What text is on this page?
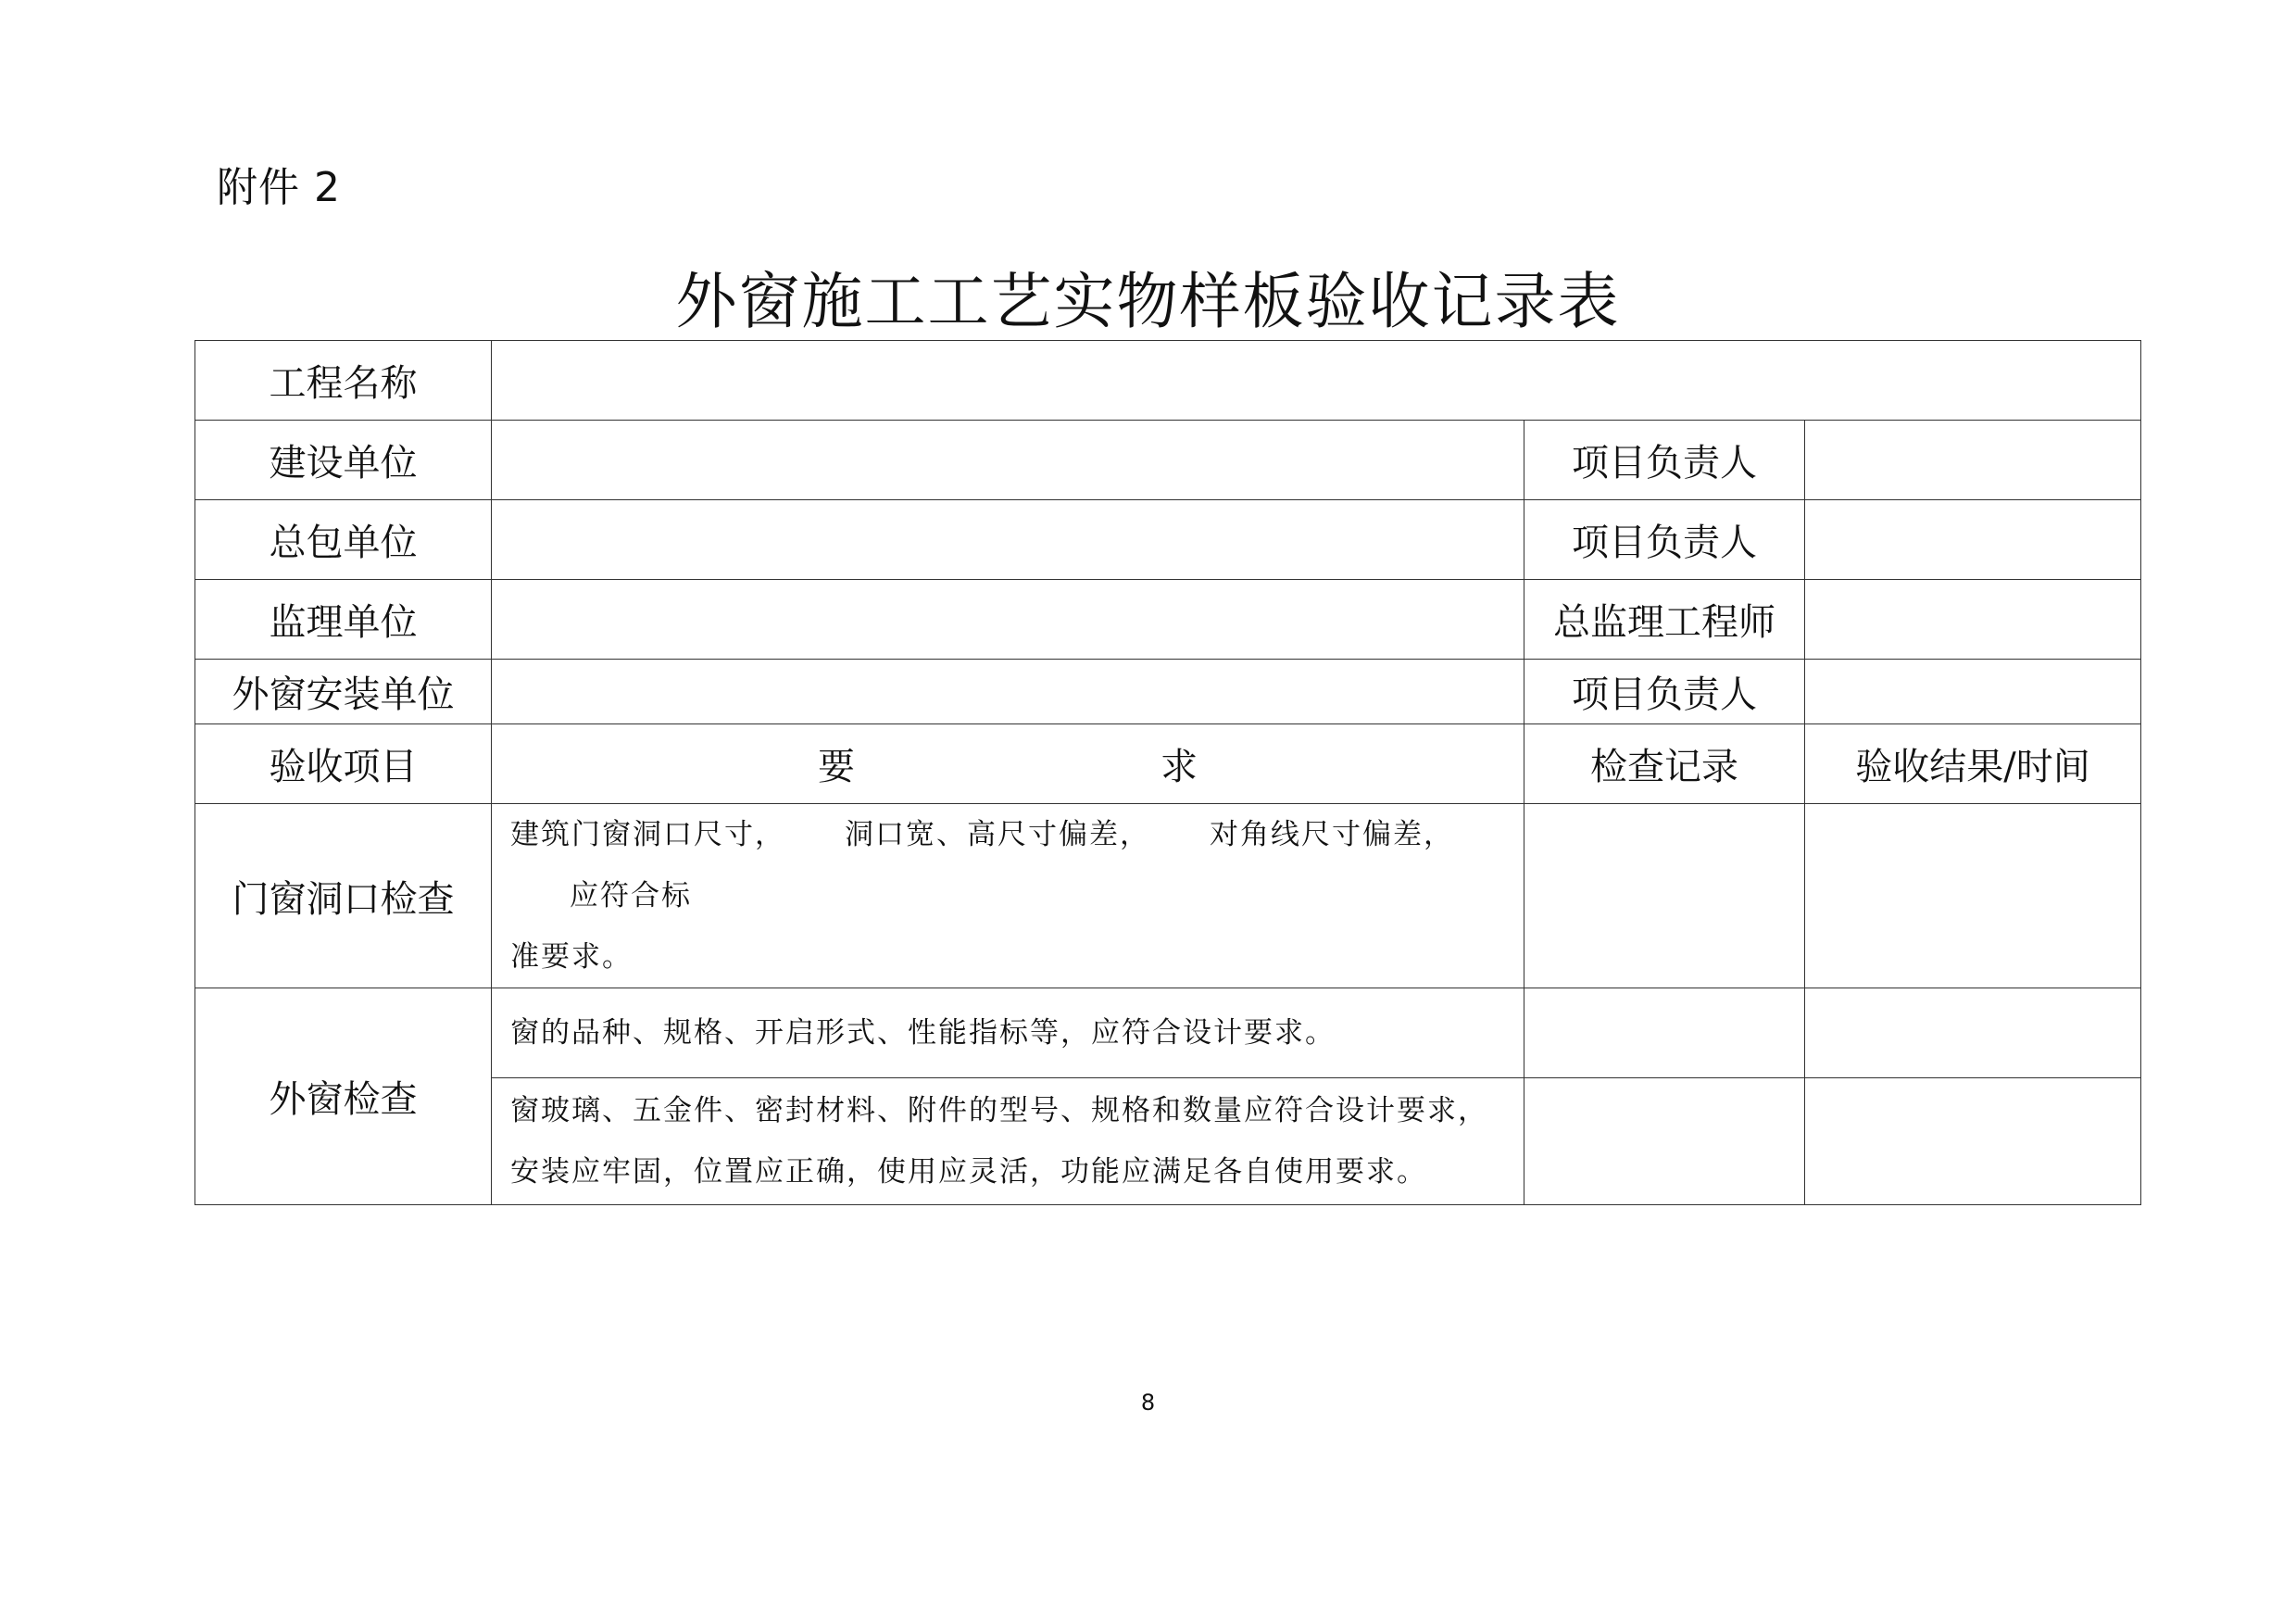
附件 2
外窗施工工艺实物样板验收记录表
工程名称			
建设单位		项目负责人	
总包单位		项目负责人	
监理单位		总监理工程师	
外窗安装单位		项目负责人	
验收项目	要 求	检查记录	验收结果/时间
门窗洞口检查	建筑门窗洞口尺寸， 洞口宽、高尺寸偏差， 对角线尺寸偏差，应符合标
准要求。		
外窗检查	窗的品种、规格、开启形式、性能指标等，应符合设计要求。		
	窗玻璃、五金件、密封材料、附件的型号、规格和数量应符合设计要求，
安装应牢固，位置应正确，使用应灵活，功能应满足各自使用要求。		
8
